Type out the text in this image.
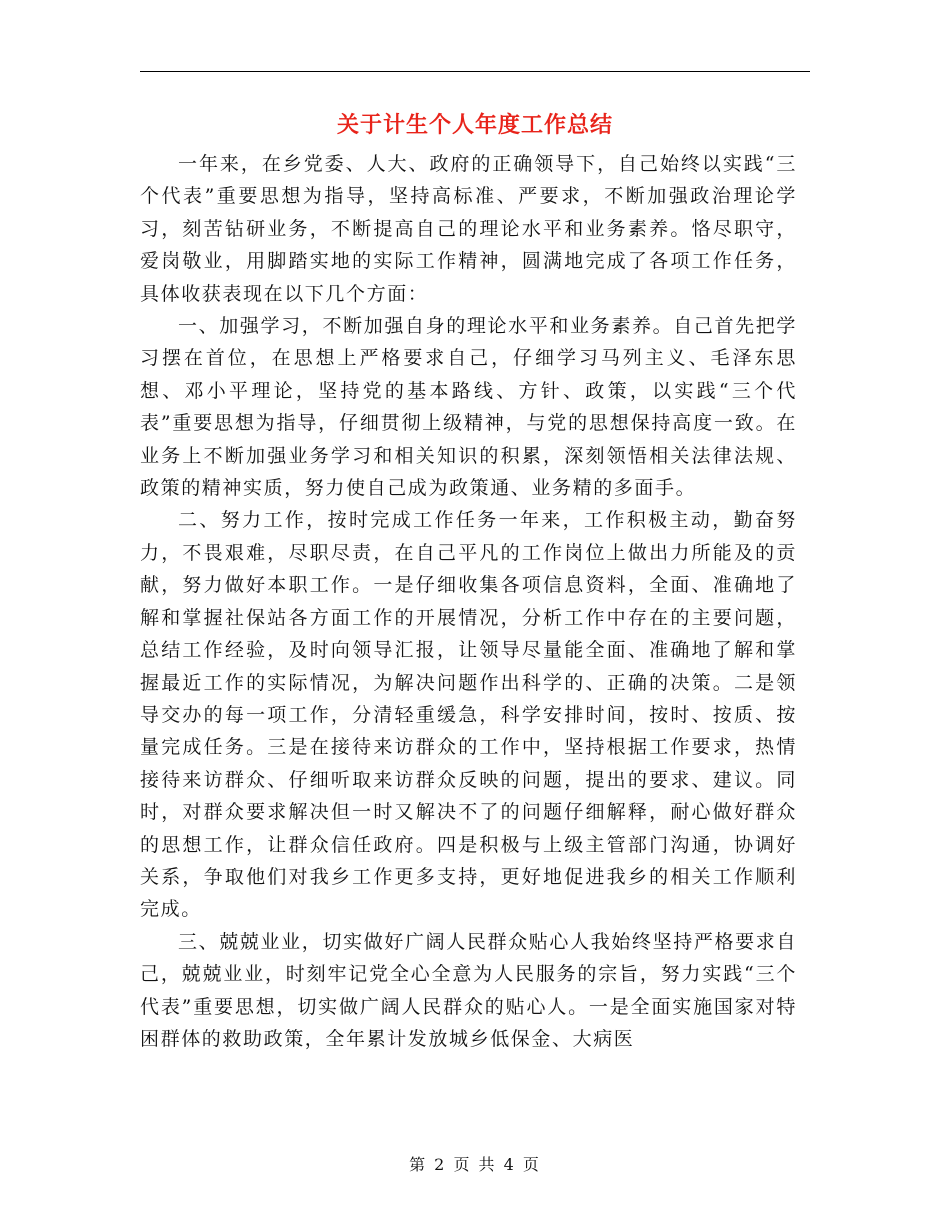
关于计生个人年度工作总结

一年来，在乡党委、人大、政府的正确领导下，自己始终以实践“三个代表”重要思想为指导，坚持高标准、严要求，不断加强政治理论学习，刻苦钻研业务，不断提高自己的理论水平和业务素养。恪尽职守，爱岗敬业，用脚踏实地的实际工作精神，圆满地完成了各项工作任务，具体收获表现在以下几个方面：

一、加强学习，不断加强自身的理论水平和业务素养。自己首先把学习摆在首位，在思想上严格要求自己，仔细学习马列主义、毛泽东思想、邓小平理论，坚持党的基本路线、方针、政策，以实践“三个代表”重要思想为指导，仔细贯彻上级精神，与党的思想保持高度一致。在业务上不断加强业务学习和相关知识的积累，深刻领悟相关法律法规、政策的精神实质，努力使自己成为政策通、业务精的多面手。

二、努力工作，按时完成工作任务一年来，工作积极主动，勤奋努力，不畏艰难，尽职尽责，在自己平凡的工作岗位上做出力所能及的贡献，努力做好本职工作。一是仔细收集各项信息资料，全面、准确地了解和掌握社保站各方面工作的开展情况，分析工作中存在的主要问题，总结工作经验，及时向领导汇报，让领导尽量能全面、准确地了解和掌握最近工作的实际情况，为解决问题作出科学的、正确的决策。二是领导交办的每一项工作，分清轻重缓急，科学安排时间，按时、按质、按量完成任务。三是在接待来访群众的工作中，坚持根据工作要求，热情接待来访群众、仔细听取来访群众反映的问题，提出的要求、建议。同时，对群众要求解决但一时又解决不了的问题仔细解释，耐心做好群众的思想工作，让群众信任政府。四是积极与上级主管部门沟通，协调好关系，争取他们对我乡工作更多支持，更好地促进我乡的相关工作顺利完成。

三、兢兢业业，切实做好广阔人民群众贴心人我始终坚持严格要求自己，兢兢业业，时刻牢记党全心全意为人民服务的宗旨，努力实践“三个代表”重要思想，切实做广阔人民群众的贴心人。一是全面实施国家对特困群体的救助政策，全年累计发放城乡低保金、大病医

第 2 页 共 4 页
